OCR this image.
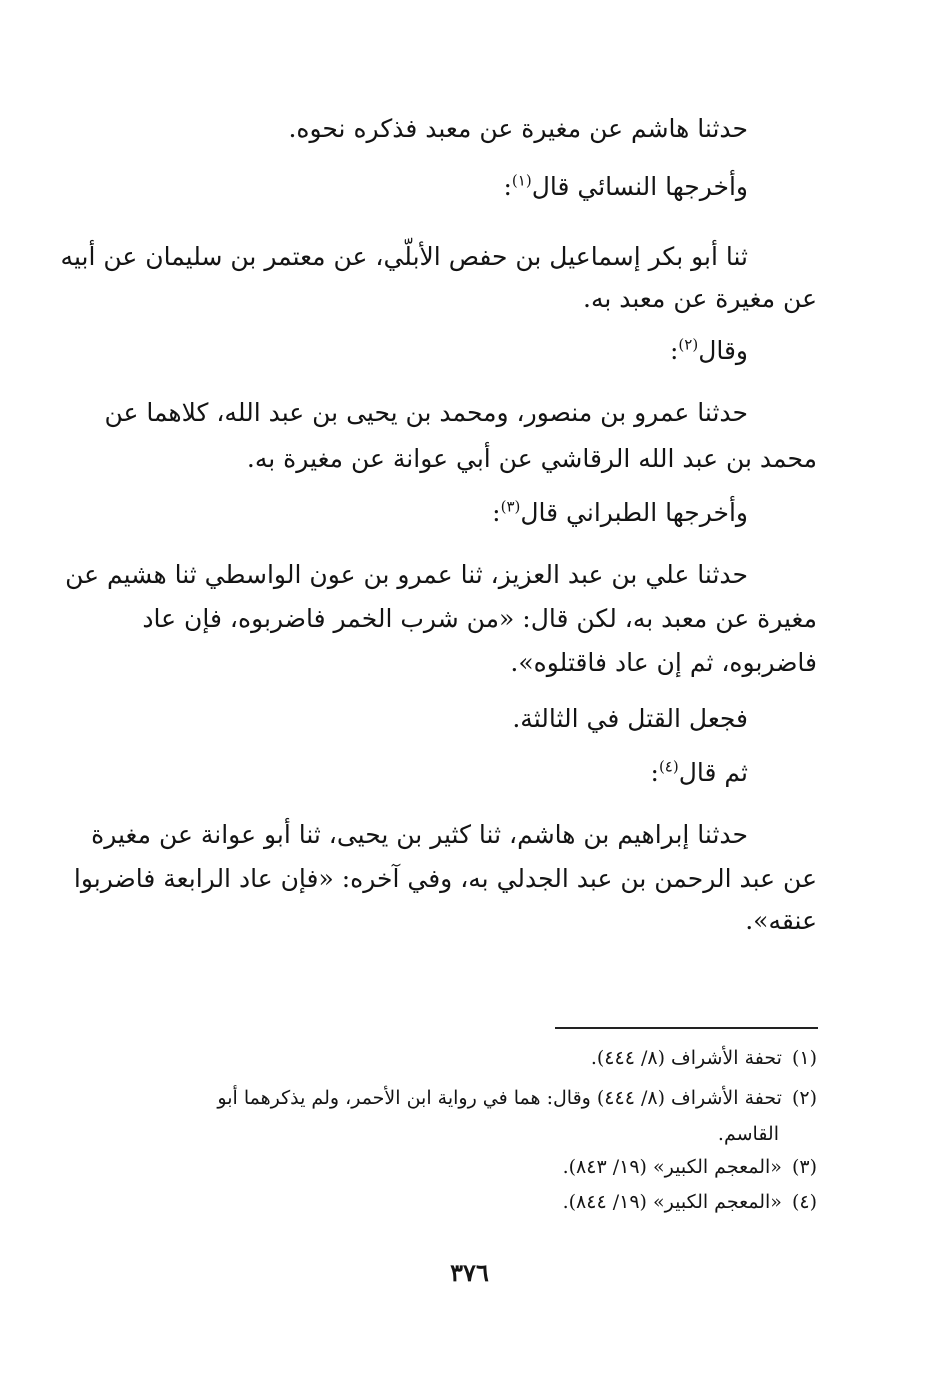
حدثنا هاشم عن مغيرة عن معبد فذكره نحوه.
وأخرجها النسائي قال$^{(١)}$:
ثنا أبو بكر إسماعيل بن حفص الأبلّي، عن معتمر بن سليمان عن أبيه
عن مغيرة عن معبد به.
وقال$^{(٢)}$:
حدثنا عمرو بن منصور، ومحمد بن يحيى بن عبد الله، كلاهما عن
محمد بن عبد الله الرقاشي عن أبي عوانة عن مغيرة به.
وأخرجها الطبراني قال$^{(٣)}$:
حدثنا علي بن عبد العزيز، ثنا عمرو بن عون الواسطي ثنا هشيم عن
مغيرة عن معبد به، لكن قال: «من شرب الخمر فاضربوه، فإن عاد
فاضربوه، ثم إن عاد فاقتلوه».
فجعل القتل في الثالثة.
ثم قال$^{(٤)}$:
حدثنا إبراهيم بن هاشم، ثنا كثير بن يحيى، ثنا أبو عوانة عن مغيرة
عن عبد الرحمن بن عبد الجدلي به، وفي آخره: «فإن عاد الرابعة فاضربوا
عنقه».
(١)تحفة الأشراف (٨/ ٤٤٤).
(٢)تحفة الأشراف (٨/ ٤٤٤) وقال: هما في رواية ابن الأحمر، ولم يذكرهما أبو
القاسم.
(٣)«المعجم الكبير» (١٩/ ٨٤٣).
(٤)«المعجم الكبير» (١٩/ ٨٤٤).
٣٧٦
